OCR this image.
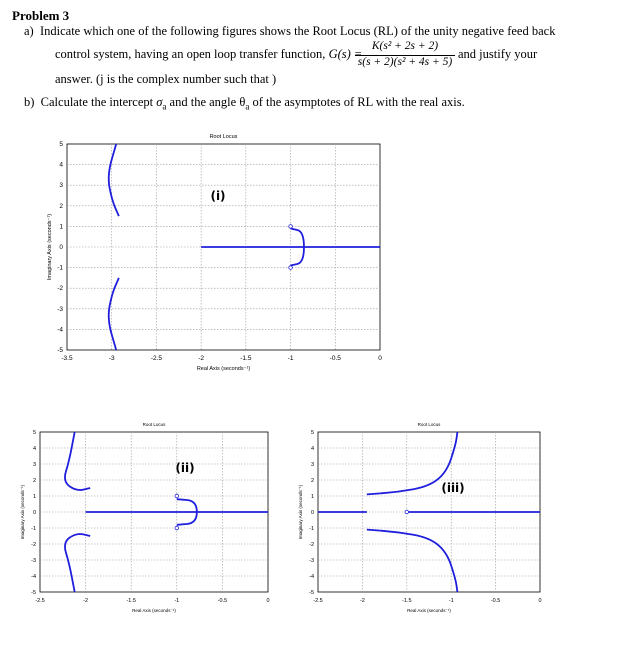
Problem 3
a) Indicate which one of the following figures shows the Root Locus (RL) of the unity negative feed back
control system, having an open loop transfer function, G(s) =
K(s² + 2s + 2)
s(s + 2)(s² + 4s + 5)
and justify your
answer. (j is the complex number such that )
b) Calculate the intercept $\sigma_a$ and the angle $\theta_a$ of the asymptotes of RL with the real axis.
-3.5	-3	-2.5	-2	-1.5	-1	-0.5	0
5
4
3
2
1
0
-1
-2
-3
-4
-5
Root Locus
Real Axis (seconds⁻¹)
Imaginary Axis (seconds⁻¹)
(i)
-2.5	-2	-1.5	-1	-0.5	0
5
4
3
2
1
0
-1
-2
-3
-4
-5
Root Locus
Real Axis (seconds⁻¹)
Imaginary Axis (seconds⁻¹)
(ii)
-2.5	-2	-1.5	-1	-0.5	0
5
4
3
2
1
0
-1
-2
-3
-4
-5
Root Locus
Real Axis (seconds⁻¹)
Imaginary Axis (seconds⁻¹)	(iii)
